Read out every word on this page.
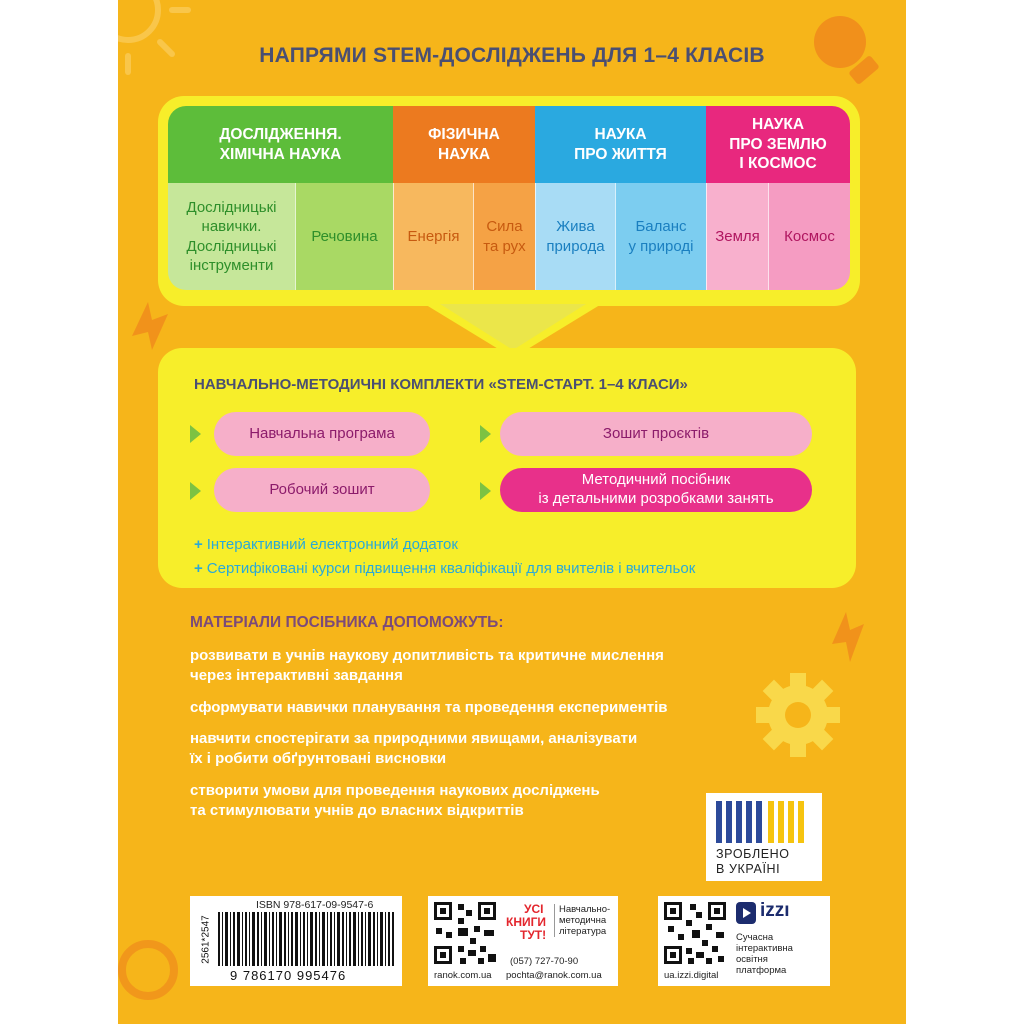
НАПРЯМИ STEM-ДОСЛІДЖЕНЬ ДЛЯ 1–4 КЛАСІВ
ДОСЛІДЖЕННЯ.
ХІМІЧНА НАУКА
ФІЗИЧНА
НАУКА
НАУКА
ПРО ЖИТТЯ
НАУКА
ПРО ЗЕМЛЮ
І КОСМОС
Дослідницькі
навички.
Дослідницькі
інструменти
Речовина Енергія
Сила
та рух
Жива
природа
Баланс
у природі
Земля Космос
НАВЧАЛЬНО-МЕТОДИЧНІ КОМПЛЕКТИ «STEM-СТАРТ. 1–4 КЛАСИ»
Навчальна програма	Зошит проєктів
Робочий зошит
Методичний посібник
із детальними розробками занять
+ Інтерактивний електронний додаток
+ Сертифіковані курси підвищення кваліфікації для вчителів і вчительок
МАТЕРІАЛИ ПОСІБНИКА ДОПОМОЖУТЬ:
розвивати в учнів наукову допитливість та критичне мислення
через інтерактивні завдання
сформувати навички планування та проведення експериментів
навчити спостерігати за природними явищами, аналізувати
їх і робити обґрунтовані висновки
створити умови для проведення наукових досліджень
та стимулювати учнів до власних відкриттів
ЗРОБЛЕНО
В УКРАЇНІ
ISBN 978-617-09-9547-6
9 786170 995476
2561*2547
ranok.com.ua
УСІ
КНИГИ
ТУТ!
Навчально-
методична
література
(057) 727-70-90
pochta@ranok.com.ua	ua.izzi.digital
izzı
Сучасна
інтерактивна
освітня
платформа
